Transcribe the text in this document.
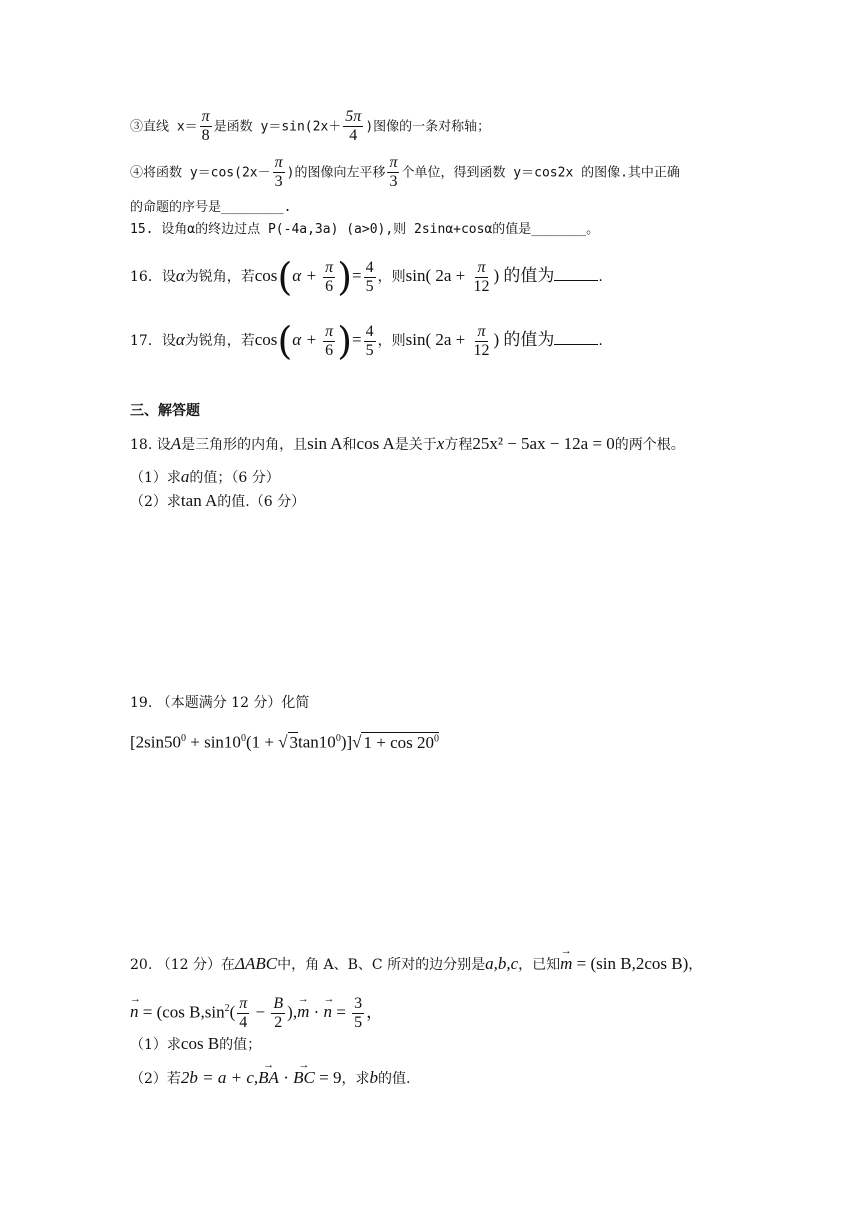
③直线 $x= \frac{\pi}{8}$ 是函数 $y=\sin(2x+ \frac{5\pi}{4}$ )图像的一条对称轴；
④将函数 $y=\cos(2x- \frac{\pi}{3}$ )的图像向左平移 $\frac{\pi}{3}$ 个单位，得到函数 y＝cos2x 的图像.其中正确
的命题的序号是________.
15. 设角α的终边过点 P(-4a,3a) (a>0),则 2sinα+cosα的值是_______。
16．设α为锐角，若$\cos(\alpha + \frac{\pi}{6}$ )= $\frac{4}{5}$ ，则sin( $2a + \frac{\pi}{12}$ ) 的值为	.
17．设α为锐角，若$\cos(\alpha + \frac{\pi}{6}$ )= $\frac{4}{5}$ ，则sin( $2a + \frac{\pi}{12}$ ) 的值为	.
三、解答题
18. 设A是三角形的内角，且sin A和cos A是关于x方程25x² − 5ax − 12a = 0的两个根。
（1）求a的值；（6 分）
（2）求tan A的值.（6 分）
19. （本题满分 12 分）化简
[$2\sin 50^0 + \sin 10^0(1$ + √ $3\tan 10^0)]√$ $1 + \cos 20^0$
20. （12 分）在ΔABC中，角 A、B、C 所对的边分别是a,b,c，已知→ m = (sin B,2cos B)，
→ n = (cos $B,\sin^2( \frac{\pi}{4} - \frac{B}{2}$ ),→ m · → $n = \frac{3}{5}$ ，
（1）求cos B的值；
（2）若2b = a + c,→ BA · → BC = 9，求b的值.
